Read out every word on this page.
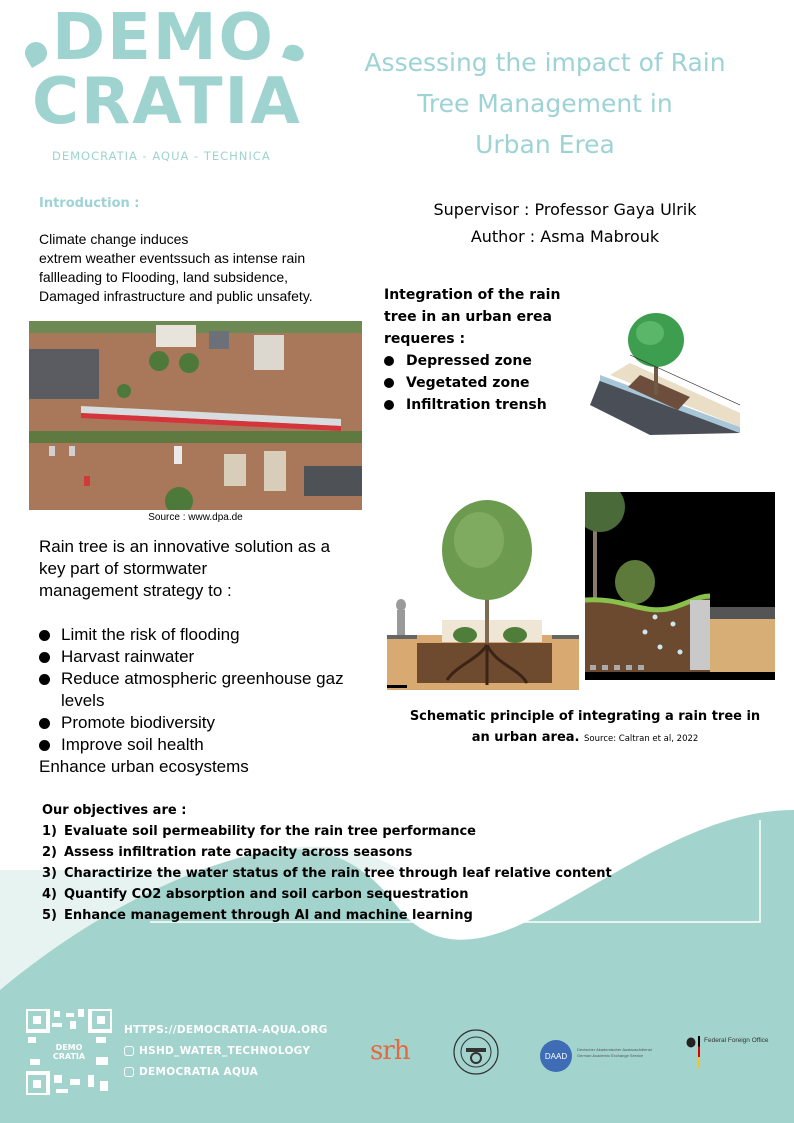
DEMO
CRATIA
DEMOCRATIA - AQUA - TECHNICA
Assessing the impact of Rain
Tree Management in
Urban Erea
Introduction :
Climate change induces
extrem weather eventssuch as intense rain
fallleading to Flooding, land subsidence,
Damaged infrastructure and public unsafety.
Supervisor : Professor Gaya Ulrik
Author : Asma Mabrouk
Integration of the rain
tree in an urban erea
requeres :
Depressed zone
Vegetated zone
Infiltration trensh
Source : www.dpa.de
Rain tree is an innovative solution as a
key part of stormwater
management strategy to :
Limit the risk of flooding
Harvast rainwater
Reduce atmospheric greenhouse gaz
levels
Promote biodiversity
Improve soil health
Enhance urban ecosystems
Schematic principle of integrating a rain tree in
an urban area. Source: Caltran et al, 2022
Our objectives are :
1) Evaluate soil permeability for the rain tree performance
2) Assess infiltration rate capacity across seasons
3) Charactirize the water status of the rain tree through leaf relative content
4) Quantify CO2 absorption and soil carbon sequestration
5) Enhance management through AI and machine learning
DEMO
CRATIA
HTTPS://DEMOCRATIA-AQUA.ORG
HSHD_WATER_TECHNOLOGY
DEMOCRATIA AQUA
srh	DAAD
Deutscher Akademischer Austauschdienst
German Academic Exchange Service
Federal Foreign Office
